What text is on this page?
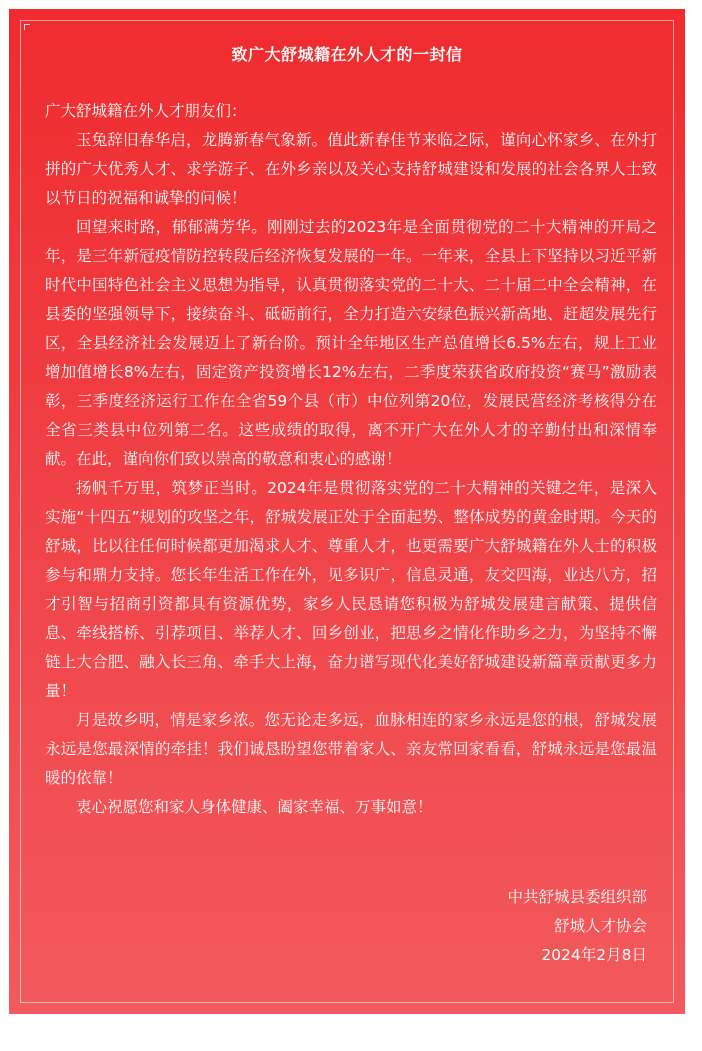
致广大舒城籍在外人才的一封信

广大舒城籍在外人才朋友们：

玉兔辞旧春华启，龙腾新春气象新。值此新春佳节来临之际，谨向心怀家乡、在外打拼的广大优秀人才、求学游子、在外乡亲以及关心支持舒城建设和发展的社会各界人士致以节日的祝福和诚挚的问候！

回望来时路，郁郁满芳华。刚刚过去的2023年是全面贯彻党的二十大精神的开局之年，是三年新冠疫情防控转段后经济恢复发展的一年。一年来，全县上下坚持以习近平新时代中国特色社会主义思想为指导，认真贯彻落实党的二十大、二十届二中全会精神，在县委的坚强领导下，接续奋斗、砥砺前行，全力打造六安绿色振兴新高地、赶超发展先行区，全县经济社会发展迈上了新台阶。预计全年地区生产总值增长6.5%左右，规上工业增加值增长8%左右，固定资产投资增长12%左右，二季度荣获省政府投资“赛马”激励表彰，三季度经济运行工作在全省59个县（市）中位列第20位，发展民营经济考核得分在全省三类县中位列第二名。这些成绩的取得，离不开广大在外人才的辛勤付出和深情奉献。在此，谨向你们致以崇高的敬意和衷心的感谢！

扬帆千万里，筑梦正当时。2024年是贯彻落实党的二十大精神的关键之年，是深入实施“十四五”规划的攻坚之年，舒城发展正处于全面起势、整体成势的黄金时期。今天的舒城，比以往任何时候都更加渴求人才、尊重人才，也更需要广大舒城籍在外人士的积极参与和鼎力支持。您长年生活工作在外，见多识广，信息灵通，友交四海，业达八方，招才引智与招商引资都具有资源优势，家乡人民恳请您积极为舒城发展建言献策、提供信息、牵线搭桥、引荐项目、举荐人才、回乡创业，把思乡之情化作助乡之力，为坚持不懈链上大合肥、融入长三角、牵手大上海，奋力谱写现代化美好舒城建设新篇章贡献更多力量！

月是故乡明，情是家乡浓。您无论走多远，血脉相连的家乡永远是您的根，舒城发展永远是您最深情的牵挂！我们诚恳盼望您带着家人、亲友常回家看看，舒城永远是您最温暖的依靠！

衷心祝愿您和家人身体健康、阖家幸福、万事如意！

中共舒城县委组织部
舒城人才协会
2024年2月8日
